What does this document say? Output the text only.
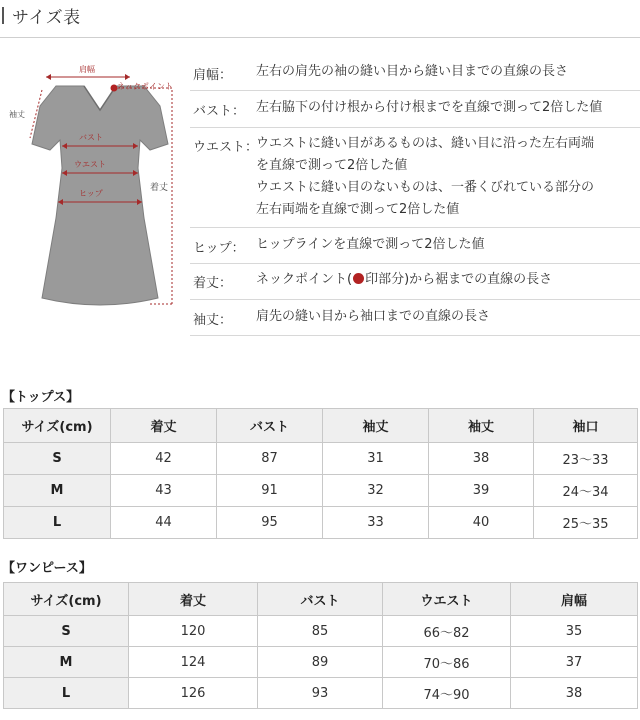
サイズ表
肩幅
ネックポイント
袖丈
バスト
ウエスト
ヒップ
着丈
肩幅： 左右の肩先の袖の縫い目から縫い目までの直線の長さ
バスト： 左右脇下の付け根から付け根までを直線で測って2倍した値
ウエスト：
ウエストに縫い目があるものは、縫い目に沿った左右両端
を直線で測って2倍した値
ウエストに縫い目のないものは、一番くびれている部分の
左右両端を直線で測って2倍した値
ヒップ： ヒップラインを直線で測って2倍した値
着丈： ネックポイント( 印部分)から裾までの直線の長さ
袖丈： 肩先の縫い目から袖口までの直線の長さ
【トップス】
サイズ(cm)	着丈	バスト	袖丈	袖丈	袖口
S	42	87	31	38	23〜33
M	43	91	32	39	24〜34
L	44	95	33	40	25〜35
【ワンピース】
サイズ(cm)	着丈	バスト	ウエスト	肩幅
S	120	85	66〜82	35
M	124	89	70〜86	37
L	126	93	74〜90	38
